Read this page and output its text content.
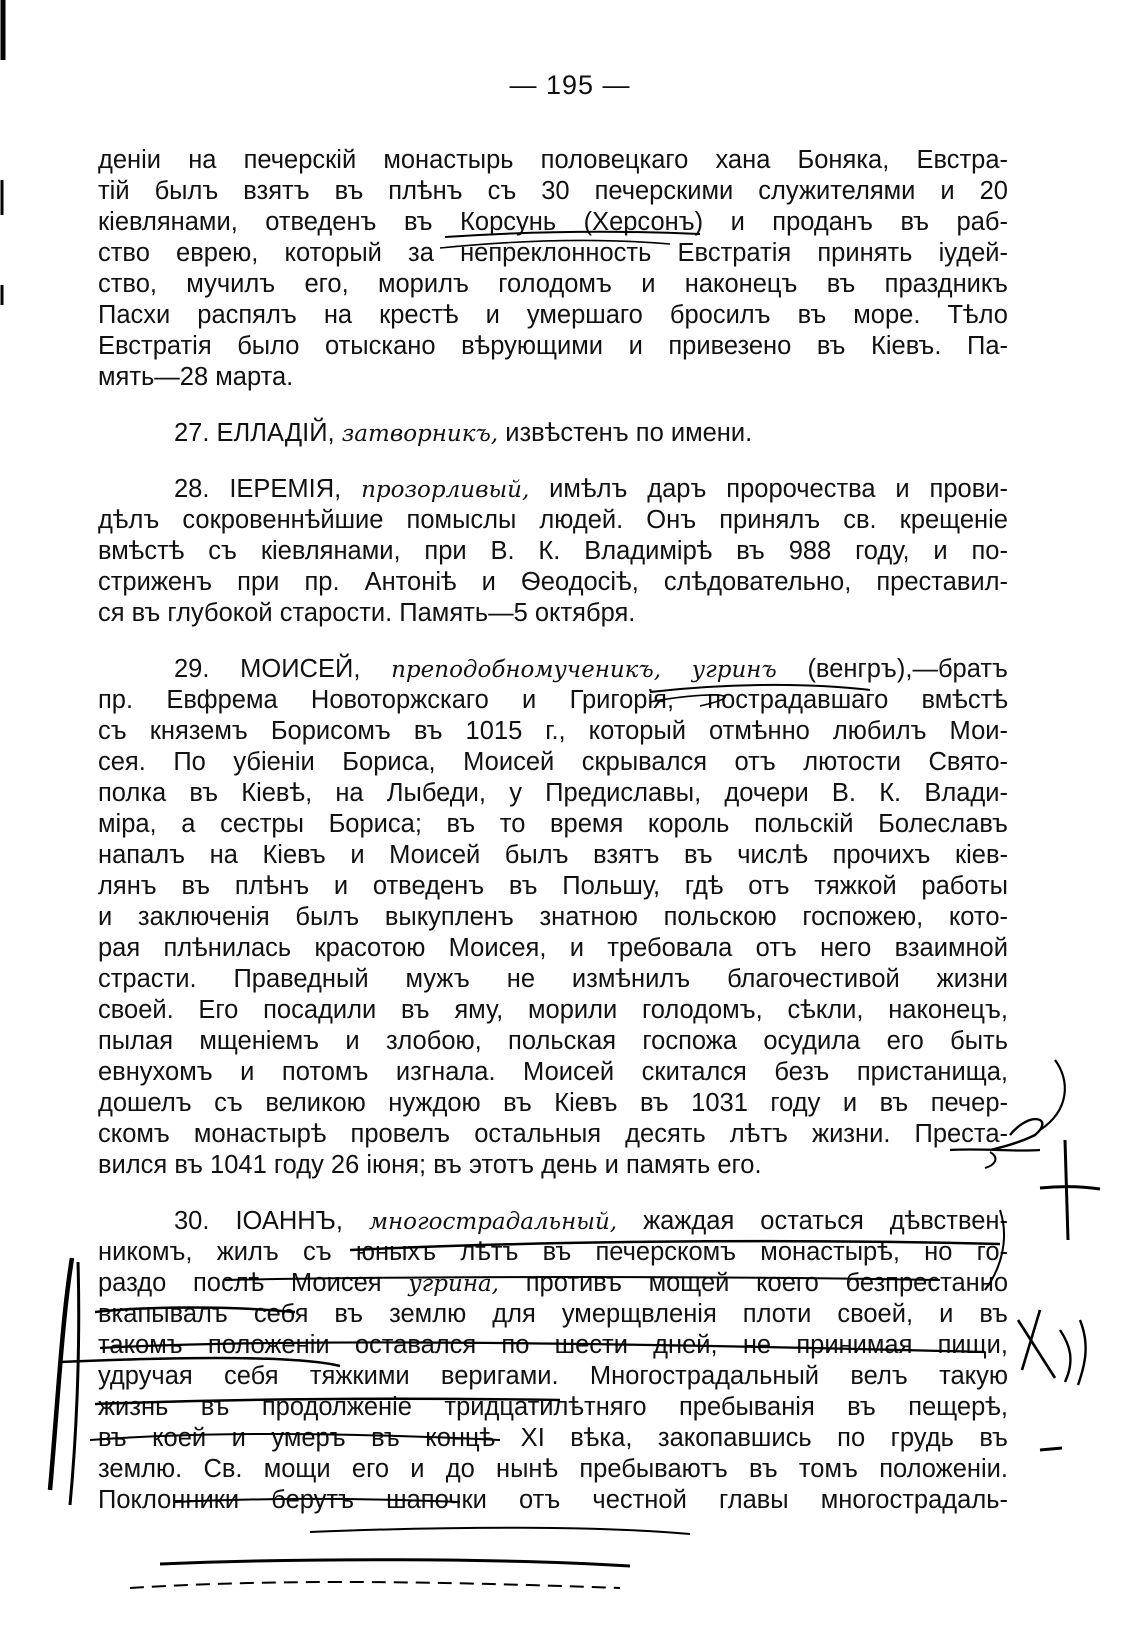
— 195 —
деніи на печерскій монастырь половецкаго хана Боняка, Евстра-
тій былъ взятъ въ плѣнъ съ 30 печерскими служителями и 20
кіевлянами, отведенъ въ Корсунь (Херсонъ) и проданъ въ раб-
ство еврею, который за непреклонность Евстратія принять іудей-
ство, мучилъ его, морилъ голодомъ и наконецъ въ праздникъ
Пасхи распялъ на крестѣ и умершаго бросилъ въ море. Тѣло
Евстратія было отыскано вѣрующими и привезено въ Кіевъ. Па-
мять—28 марта.
27. ЕЛЛАДІЙ, затворникъ, извѣстенъ по имени.
28. ІЕРЕМІЯ, прозорливый, имѣлъ даръ пророчества и прови-
дѣлъ сокровеннѣйшие помыслы людей. Онъ принялъ св. крещеніе
вмѣстѣ съ кіевлянами, при В. К. Владимірѣ въ 988 году, и по-
стриженъ при пр. Антоніѣ и Ѳеодосіѣ, слѣдовательно, преставил-
ся въ глубокой старости. Память—5 октября.
29. МОИСЕЙ, преподобномученикъ, угринъ (венгръ),—братъ
пр. Евфрема Новоторжскаго и Григорія, пострадавшаго вмѣстѣ
съ княземъ Борисомъ въ 1015 г., который отмѣнно любилъ Мои-
сея. По убіеніи Бориса, Моисей скрывался отъ лютости Свято-
полка въ Кіевѣ, на Лыбеди, у Предиславы, дочери В. К. Влади-
міра, а сестры Бориса; въ то время король польскій Болеславъ
напалъ на Кіевъ и Моисей былъ взятъ въ числѣ прочихъ кіев-
лянъ въ плѣнъ и отведенъ въ Польшу, гдѣ отъ тяжкой работы
и заключенія былъ выкупленъ знатною польскою госпожею, кото-
рая плѣнилась красотою Моисея, и требовала отъ него взаимной
страсти. Праведный мужъ не измѣнилъ благочестивой жизни
своей. Его посадили въ яму, морили голодомъ, сѣкли, наконецъ,
пылая мщеніемъ и злобою, польская госпожа осудила его быть
евнухомъ и потомъ изгнала. Моисей скитался безъ пристанища,
дошелъ съ великою нуждою въ Кіевъ въ 1031 году и въ печер-
скомъ монастырѣ провелъ остальныя десять лѣтъ жизни. Преста-
вился въ 1041 году 26 іюня; въ этотъ день и память его.
30. ІОАННЪ, многострадальный, жаждая остаться дѣвствен-
никомъ, жилъ съ юныхъ лѣтъ въ печерскомъ монастырѣ, но го-
раздо послѣ Моисея угрина, противъ мощей коего безпрестанно
вкапывалъ себя въ землю для умерщвленія плоти своей, и въ
такомъ положеніи оставался по шести дней, не принимая пищи,
удручая себя тяжкими веригами. Многострадальный велъ такую
жизнь въ продолженіе тридцатилѣтняго пребыванія въ пещерѣ,
въ коей и умеръ въ концѣ XI вѣка, закопавшись по грудь въ
землю. Св. мощи его и до нынѣ пребываютъ въ томъ положеніи.
Поклонники берутъ шапочки отъ честной главы многострадаль-
